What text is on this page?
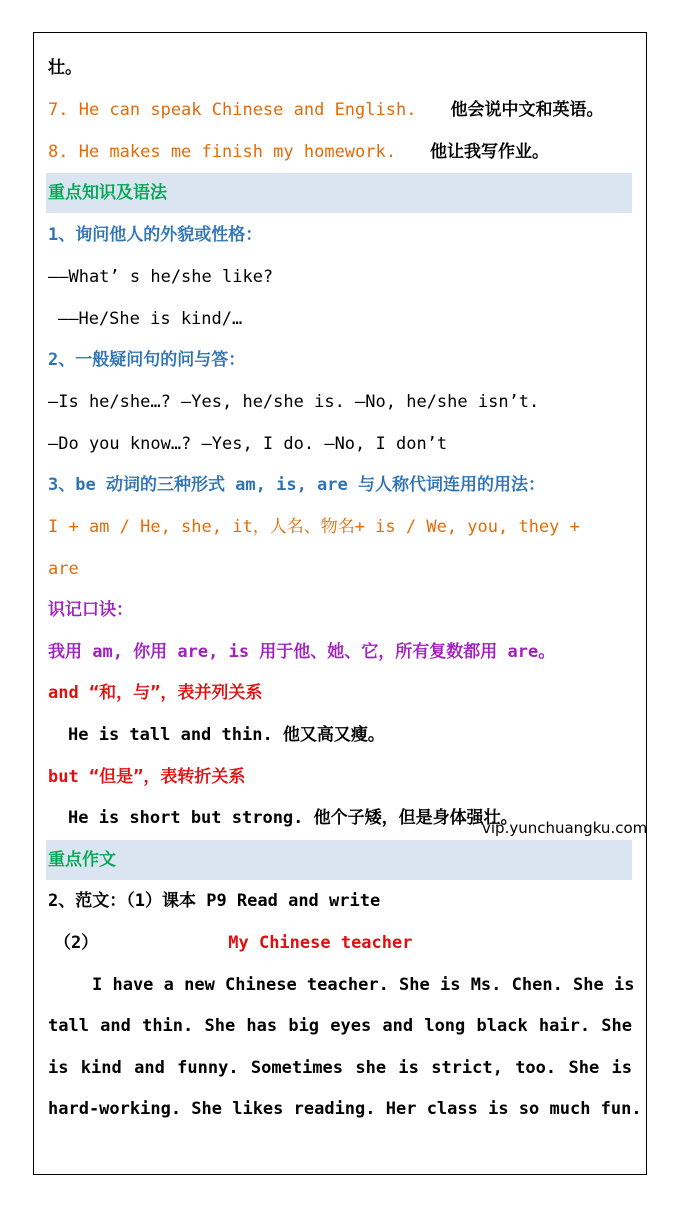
壮。
7. He can speak Chinese and English. 他会说中文和英语。
8. He makes me finish my homework. 他让我写作业。
重点知识及语法
1、询问他人的外貌或性格：
——What’ s he/she like?
——He/She is kind/…
2、一般疑问句的问与答：
—Is he/she…? —Yes, he/she is. —No, he/she isn’t.
—Do you know…? —Yes, I do. —No, I don’t
3、be 动词的三种形式 am, is, are 与人称代词连用的用法：
I + am / He, she, it，人名、物名+ is / We, you, they +
are
识记口诀：
我用 am, 你用 are, is 用于他、她、它，所有复数都用 are。
and “和，与”，表并列关系
He is tall and thin. 他又高又瘦。
but “但是”，表转折关系
He is short but strong. 他个子矮，但是身体强壮。
vip.yunchuangku.com
重点作文
2、范文：（1）课本 P9 Read and write
（2）	My Chinese teacher
I have a new Chinese teacher. She is Ms. Chen. She is
tall and thin. She has big eyes and long black hair. She
is kind and funny. Sometimes she is strict, too. She is
hard-working. She likes reading. Her class is so much fun.
